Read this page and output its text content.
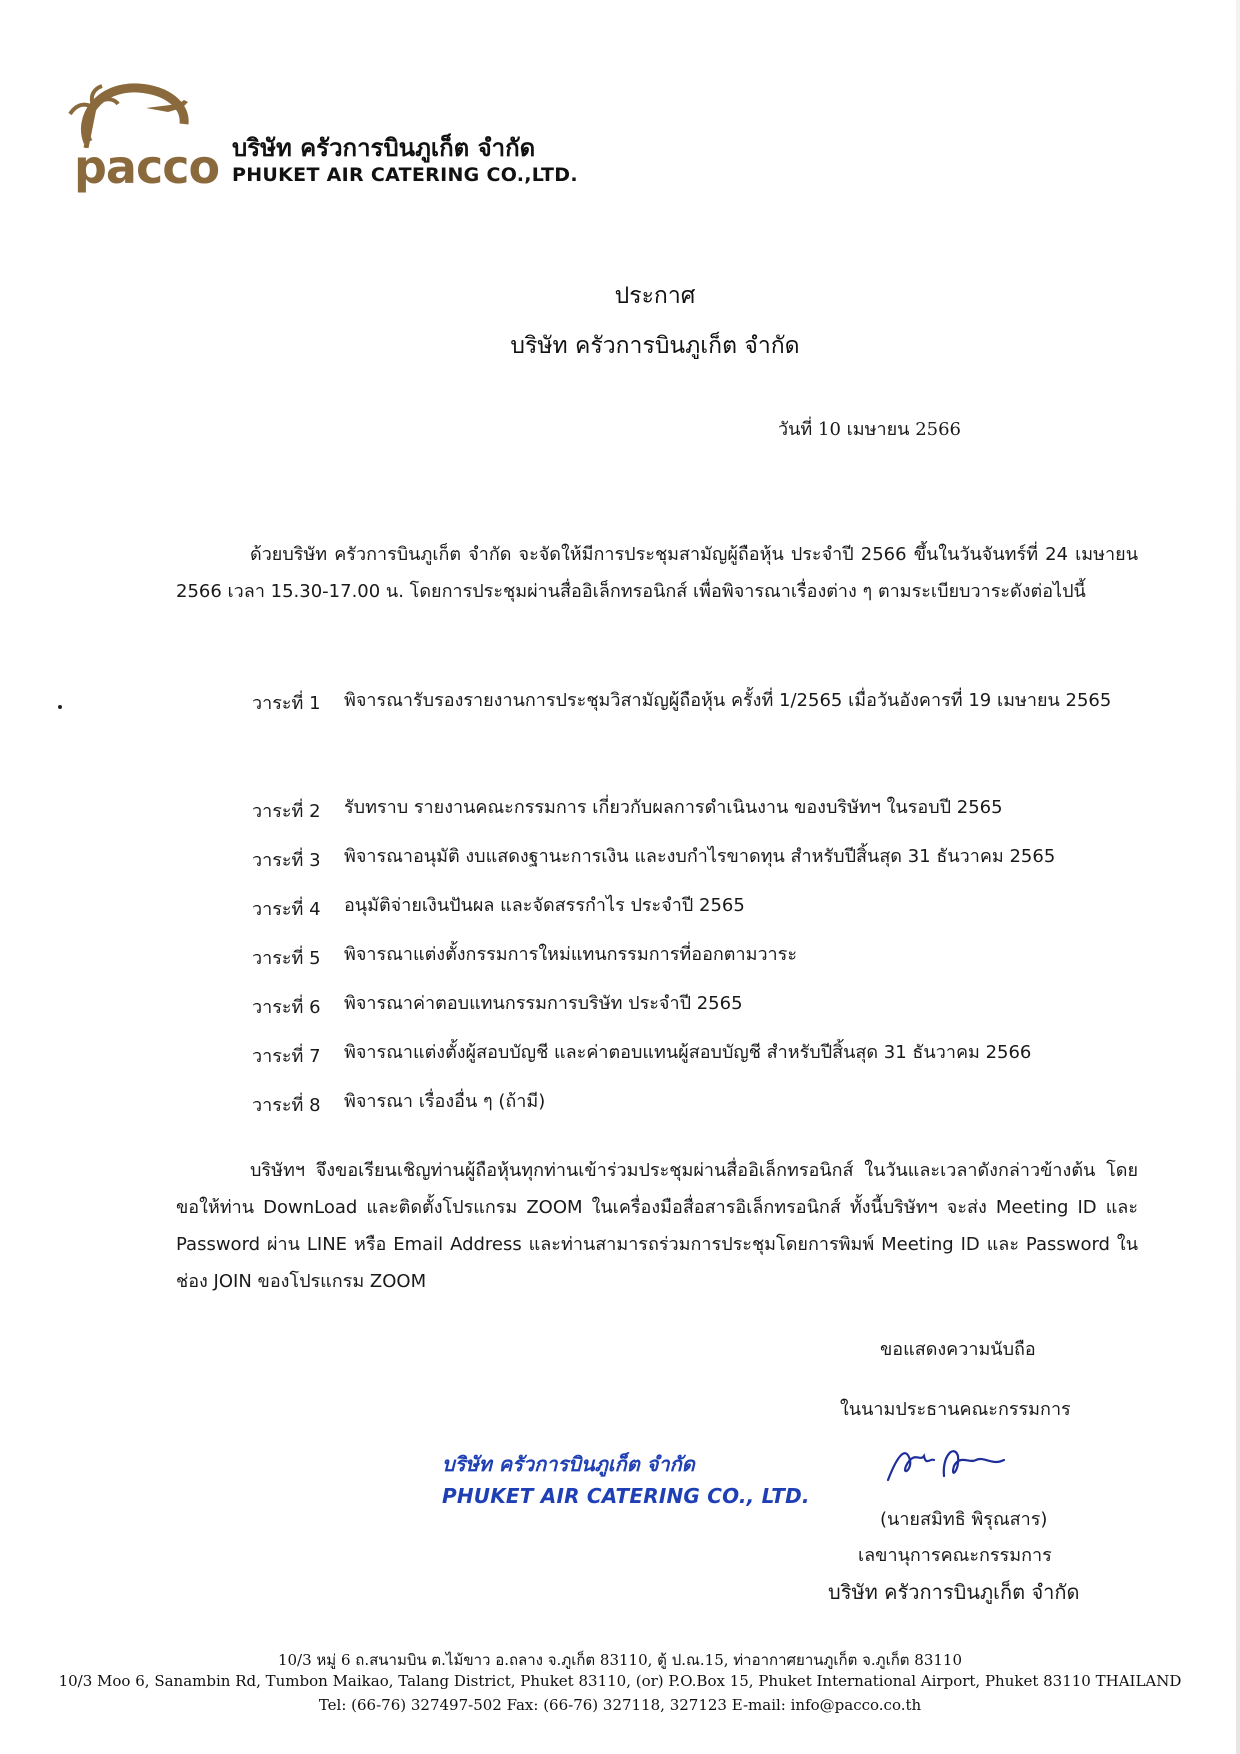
pacco บริษัท ครัวการบินภูเก็ต จำกัด
PHUKET AIR CATERING CO.,LTD.
ประกาศ
บริษัท ครัวการบินภูเก็ต จำกัด
วันที่ 10 เมษายน 2566
ด้วยบริษัท ครัวการบินภูเก็ต จำกัด จะจัดให้มีการประชุมสามัญผู้ถือหุ้น ประจำปี 2566 ขึ้นในวันจันทร์ที่ 24 เมษายน 2566 เวลา 15.30-17.00 น. โดยการประชุมผ่านสื่ออิเล็กทรอนิกส์ เพื่อพิจารณาเรื่องต่าง ๆ ตามระเบียบวาระดังต่อไปนี้
วาระที่ 1	พิจารณารับรองรายงานการประชุมวิสามัญผู้ถือหุ้น ครั้งที่ 1/2565 เมื่อวันอังคารที่ 19 เมษายน 2565
วาระที่ 2	รับทราบ รายงานคณะกรรมการ เกี่ยวกับผลการดำเนินงาน ของบริษัทฯ ในรอบปี 2565
วาระที่ 3	พิจารณาอนุมัติ งบแสดงฐานะการเงิน และงบกำไรขาดทุน สำหรับปีสิ้นสุด 31 ธันวาคม 2565
วาระที่ 4	อนุมัติจ่ายเงินปันผล และจัดสรรกำไร ประจำปี 2565
วาระที่ 5	พิจารณาแต่งตั้งกรรมการใหม่แทนกรรมการที่ออกตามวาระ
วาระที่ 6	พิจารณาค่าตอบแทนกรรมการบริษัท ประจำปี 2565
วาระที่ 7	พิจารณาแต่งตั้งผู้สอบบัญชี และค่าตอบแทนผู้สอบบัญชี สำหรับปีสิ้นสุด 31 ธันวาคม 2566
วาระที่ 8	พิจารณา เรื่องอื่น ๆ (ถ้ามี)
บริษัทฯ จึงขอเรียนเชิญท่านผู้ถือหุ้นทุกท่านเข้าร่วมประชุมผ่านสื่ออิเล็กทรอนิกส์ ในวันและเวลาดังกล่าวข้างต้น โดยขอให้ท่าน DownLoad และติดตั้งโปรแกรม ZOOM ในเครื่องมือสื่อสารอิเล็กทรอนิกส์ ทั้งนี้บริษัทฯ จะส่ง Meeting ID และ Password ผ่าน LINE หรือ Email Address และท่านสามารถร่วมการประชุมโดยการพิมพ์ Meeting ID และ Password ในช่อง JOIN ของโปรแกรม ZOOM
ขอแสดงความนับถือ
ในนามประธานคณะกรรมการ
บริษัท ครัวการบินภูเก็ต จำกัด
PHUKET AIR CATERING CO., LTD.
(นายสมิทธิ พิรุณสาร)
เลขานุการคณะกรรมการ
บริษัท ครัวการบินภูเก็ต จำกัด
10/3 หมู่ 6 ถ.สนามบิน ต.ไม้ขาว อ.ถลาง จ.ภูเก็ต 83110, ตู้ ป.ณ.15, ท่าอากาศยานภูเก็ต จ.ภูเก็ต 83110
10/3 Moo 6, Sanambin Rd, Tumbon Maikao, Talang District, Phuket 83110, (or) P.O.Box 15, Phuket International Airport, Phuket 83110 THAILAND
Tel: (66-76) 327497-502 Fax: (66-76) 327118, 327123 E-mail: info@pacco.co.th
